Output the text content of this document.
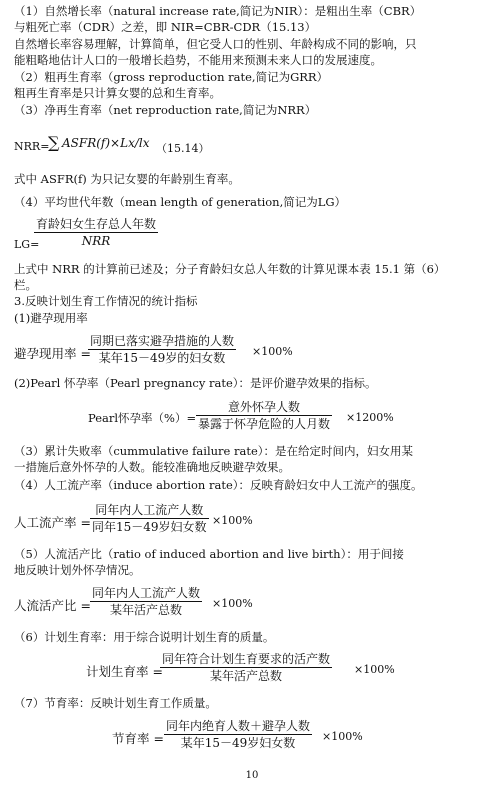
（1）自然增长率（natural increase rate,简记为NIR）：是粗出生率（CBR）
与粗死亡率（CDR）之差，即 NIR=CBR-CDR（15.13）
自然增长率容易理解，计算简单，但它受人口的性别、年龄构成不同的影响，只
能粗略地估计人口的一般增长趋势，不能用来预测未来人口的发展速度。
（2）粗再生育率（gross reproduction rate,简记为GRR）
粗再生育率是只计算女婴的总和生育率。
（3）净再生育率（net reproduction rate,简记为NRR）
NRR=
∑ ASFR(f)×Lx/lx （15.14）
式中 ASFR(f) 为只记女婴的年龄别生育率。
（4）平均世代年数（mean length of generation,简记为LG）
LG=
育龄妇女生存总人年数
NRR
上式中 NRR 的计算前已述及；分子育龄妇女总人年数的计算见课本表 15.1 第（6）
栏。
3.反映计划生育工作情况的统计指标
(1)避孕现用率
避孕现用率 =
同期已落实避孕措施的人数
某年15－49岁的妇女数 ×100%
(2)Pearl 怀孕率（Pearl pregnancy rate）：是评价避孕效果的指标。
Pearl怀孕率（%）=
意外怀孕人数
暴露于怀孕危险的人月数 ×1200%
（3）累计失败率（cummulative failure rate）：是在给定时间内，妇女用某
一措施后意外怀孕的人数。能较准确地反映避孕效果。
（4）人工流产率（induce abortion rate）：反映育龄妇女中人工流产的强度。
人工流产率 =
同年内人工流产人数
同年15－49岁妇女数 ×100%
（5）人流活产比（ratio of induced abortion and live birth）：用于间接
地反映计划外怀孕情况。
人流活产比 =
同年内人工流产人数
某年活产总数	×100%
（6）计划生育率：用于综合说明计划生育的质量。
计划生育率 =
同年符合计划生育要求的活产数
某年活产总数	×100%
（7）节育率：反映计划生育工作质量。
节育率 =
同年内绝育人数＋避孕人数
某年15－49岁妇女数 ×100%
10
